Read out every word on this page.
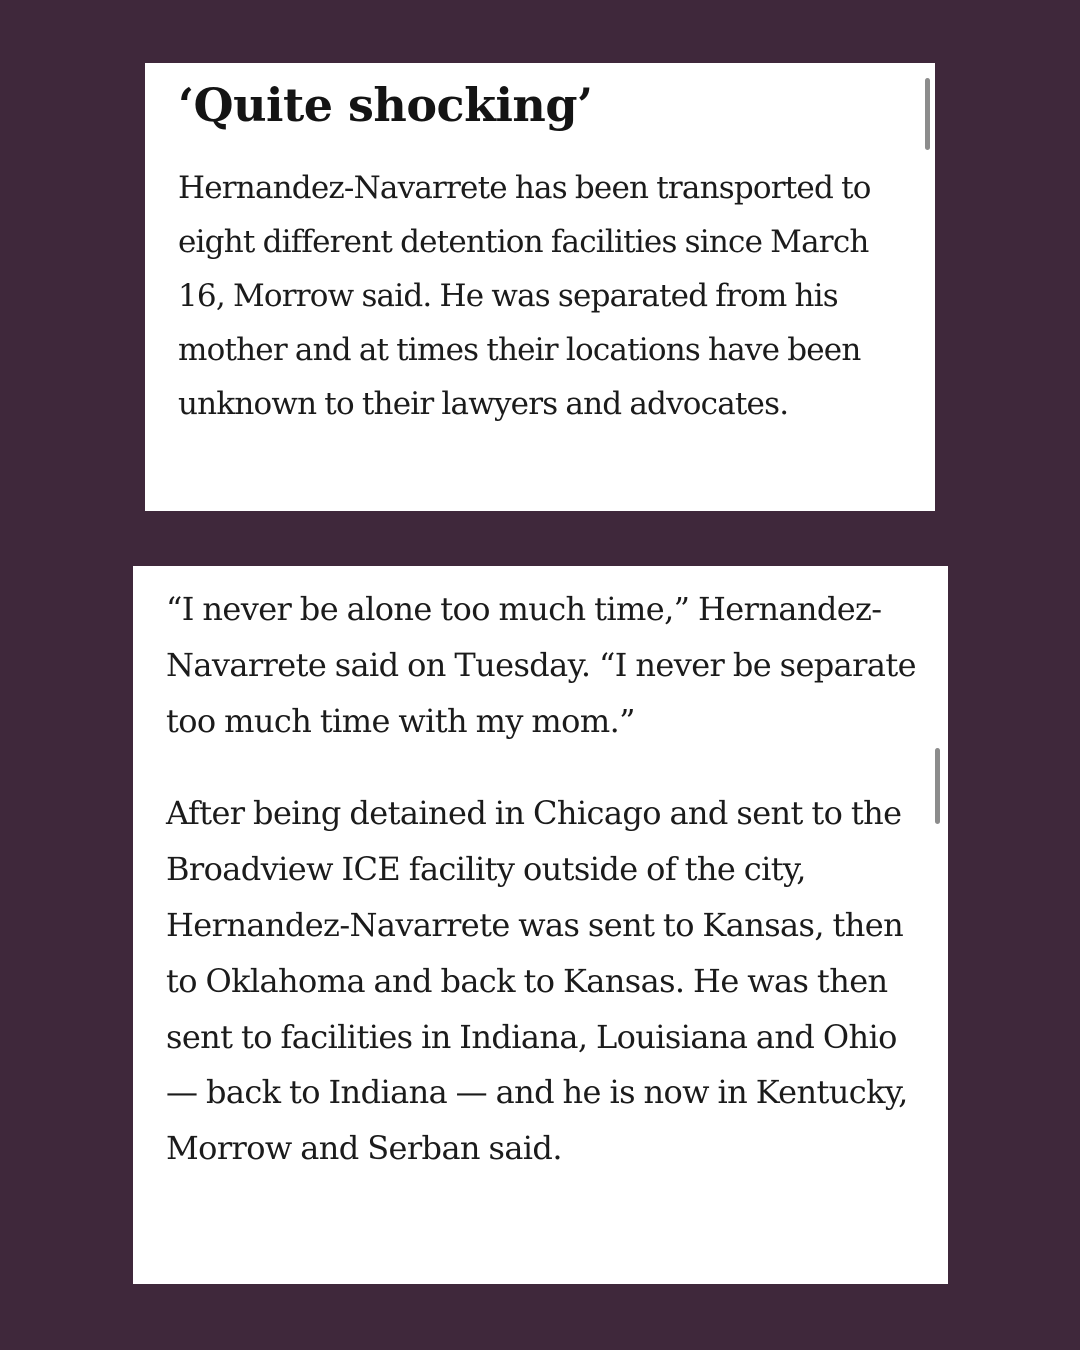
‘Quite shocking’

Hernandez-Navarrete has been transported to eight different detention facilities since March 16, Morrow said. He was separated from his mother and at times their locations have been unknown to their lawyers and advocates.

“I never be alone too much time,” Hernandez-Navarrete said on Tuesday. “I never be separate too much time with my mom.”

After being detained in Chicago and sent to the Broadview ICE facility outside of the city, Hernandez-Navarrete was sent to Kansas, then to Oklahoma and back to Kansas. He was then sent to facilities in Indiana, Louisiana and Ohio — back to Indiana — and he is now in Kentucky, Morrow and Serban said.
